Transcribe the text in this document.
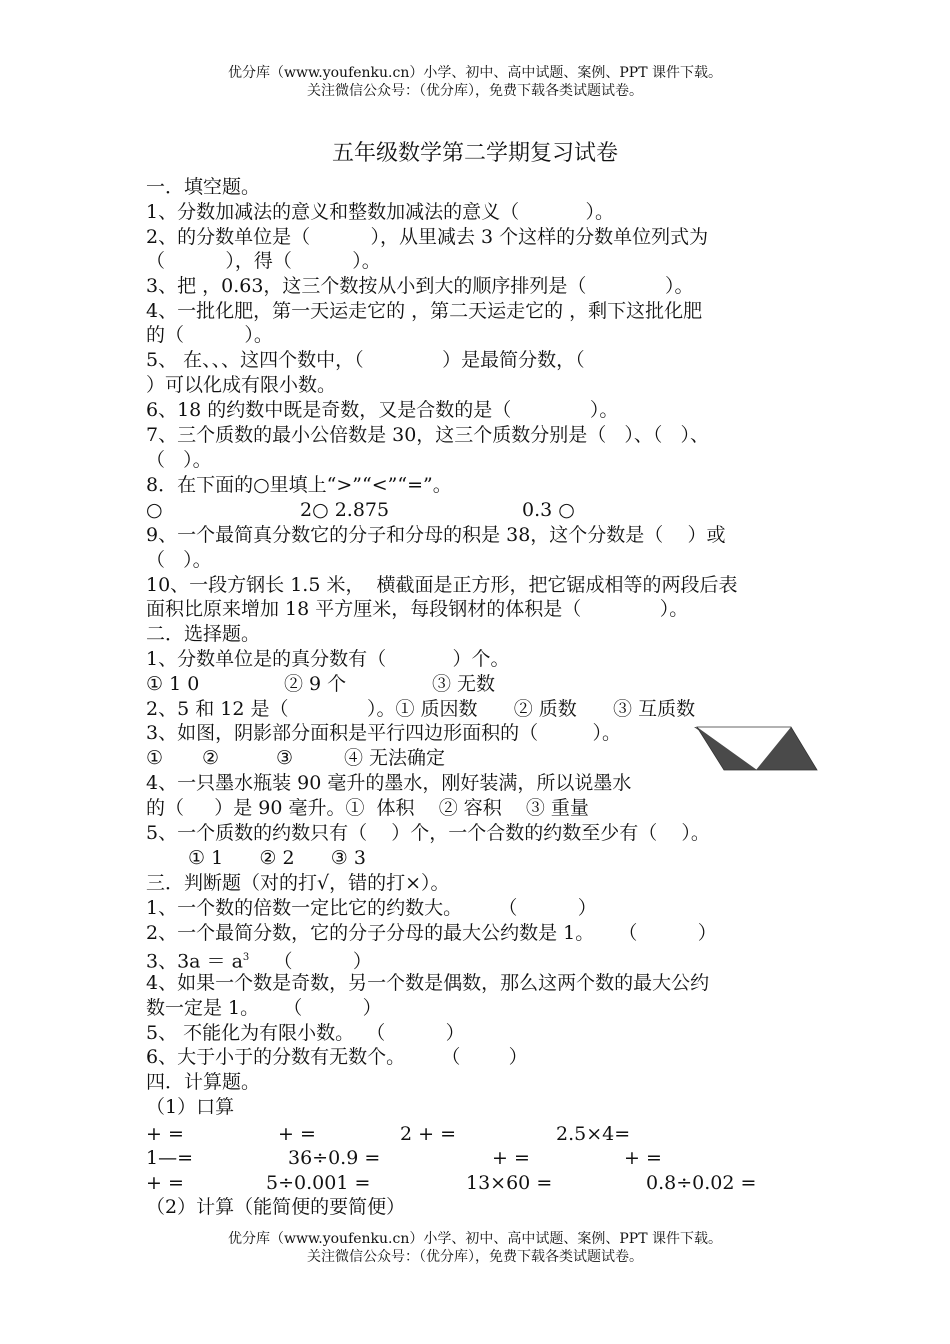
优分库（www.youfenku.cn）小学、初中、高中试题、案例、PPT 课件下载。
关注微信公众号：（优分库），免费下载各类试题试卷。
五年级数学第二学期复习试卷
一．填空题。
1、分数加减法的意义和整数加减法的意义（           ）。
2、的分数单位是（          ），从里减去 3 个这样的分数单位列式为
（          ），得（          ）。
3、把 ，0.63，这三个数按从小到大的顺序排列是（             ）。
4、一批化肥，第一天运走它的 ，第二天运走它的 ，剩下这批化肥
的（          ）。
5、 在、、、这四个数中，（             ）是最简分数，（
）可以化成有限小数。
6、18 的约数中既是奇数，又是合数的是（             ）。
7、三个质数的最小公倍数是 30，这三个质数分别是（   ）、（   ）、
（   ）。
8．在下面的○里填上“>”“<”“=”。
○	2○ 2.875	0.3 ○
9、一个最简真分数它的分子和分母的积是 38，这个分数是（    ）或
（   ）。
10、一段方钢长 1.5 米，  横截面是正方形，把它锯成相等的两段后表
面积比原来增加 18 平方厘米，每段钢材的体积是（             ）。
二．选择题。
1、分数单位是的真分数有（           ）个。
① 1 0	② 9 个	③ 无数
2、5 和 12 是（             ）。① 质因数      ② 质数      ③ 互质数
3、如图，阴影部分面积是平行四边形面积的（         ）。
① ②	③	④ 无法确定
4、一只墨水瓶装 90 毫升的墨水，刚好装满，所以说墨水
的（     ）是 90 毫升。①  体积    ② 容积    ③ 重量
5、一个质数的约数只有（    ）个，一个合数的约数至少有（    ）。
① 1      ② 2      ③ 3
三．判断题（对的打√，错的打×）。
1、一个数的倍数一定比它的约数大。      （          ）
2、一个最简分数，它的分子分母的最大公约数是 1。    （          ）
3、$3a = a^3$    （          ）
4、如果一个数是奇数，另一个数是偶数，那么这两个数的最大公约
数一定是 1。    （          ）
5、 不能化为有限小数。  （          ）
6、大于小于的分数有无数个。      （        ）
四．计算题。
（1）口算
+ =	+ =	2 + =	2.5×4=
1—=	36÷0.9 =	+ =	+ =
+ =	5÷0.001 =	13×60 =	0.8÷0.02 =
（2）计算（能简便的要简便）
优分库（www.youfenku.cn）小学、初中、高中试题、案例、PPT 课件下载。
关注微信公众号：（优分库），免费下载各类试题试卷。
